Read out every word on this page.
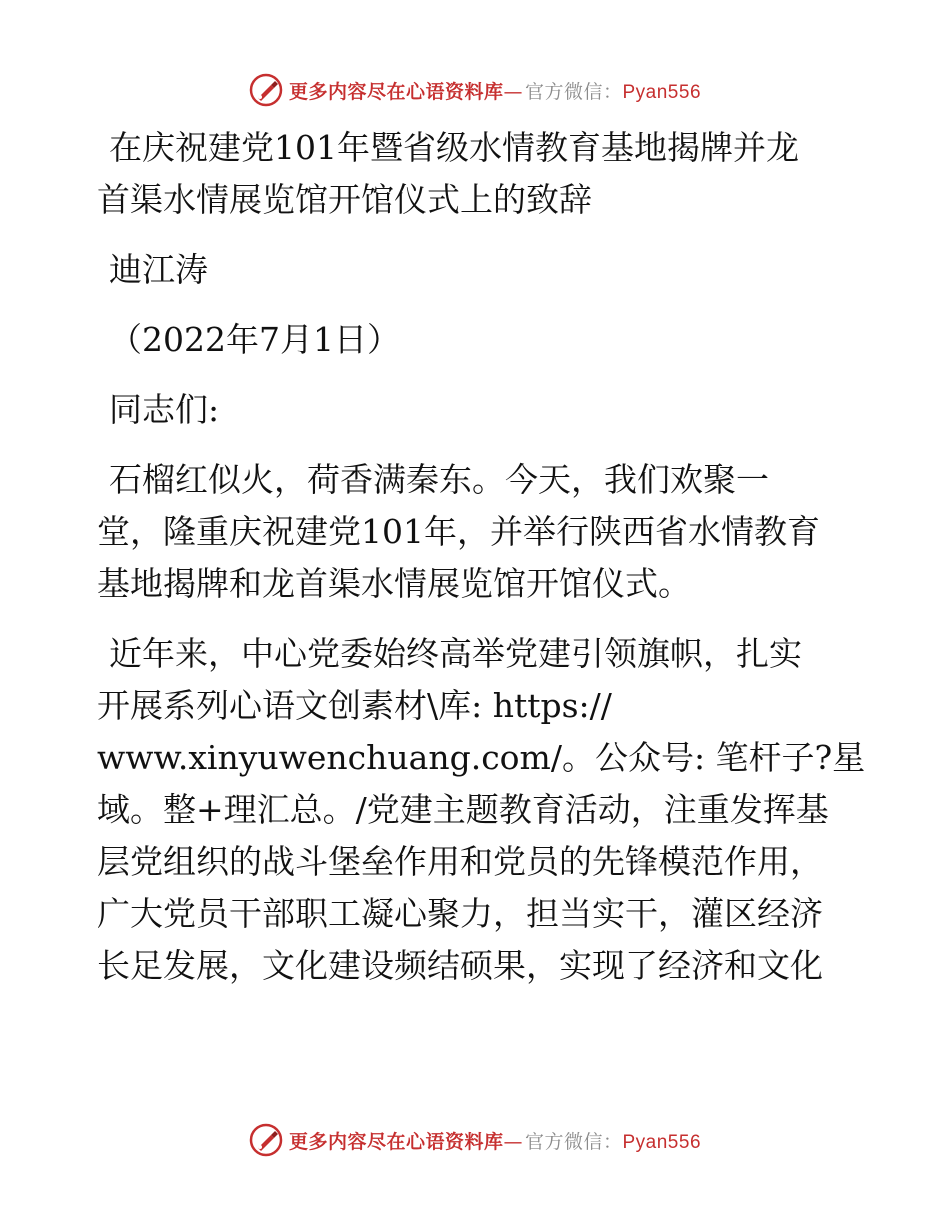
更多内容尽在心语资料库— 官方微信：Pyan556
在庆祝建党101年暨省级水情教育基地揭牌并龙
首渠水情展览馆开馆仪式上的致辞
迪江涛
（2022年7月1日）
同志们:
石榴红似火，荷香满秦东。今天，我们欢聚一
堂，隆重庆祝建党101年，并举行陕西省水情教育
基地揭牌和龙首渠水情展览馆开馆仪式。
近年来，中心党委始终高举党建引领旗帜，扎实
开展系列心语文创素材\库: https://
www.xinyuwenchuang.com/。公众号: 笔杆子?星
域。整+理汇总。/党建主题教育活动，注重发挥基
层党组织的战斗堡垒作用和党员的先锋模范作用，
广大党员干部职工凝心聚力，担当实干，灌区经济
长足发展，文化建设频结硕果，实现了经济和文化
更多内容尽在心语资料库— 官方微信：Pyan556
